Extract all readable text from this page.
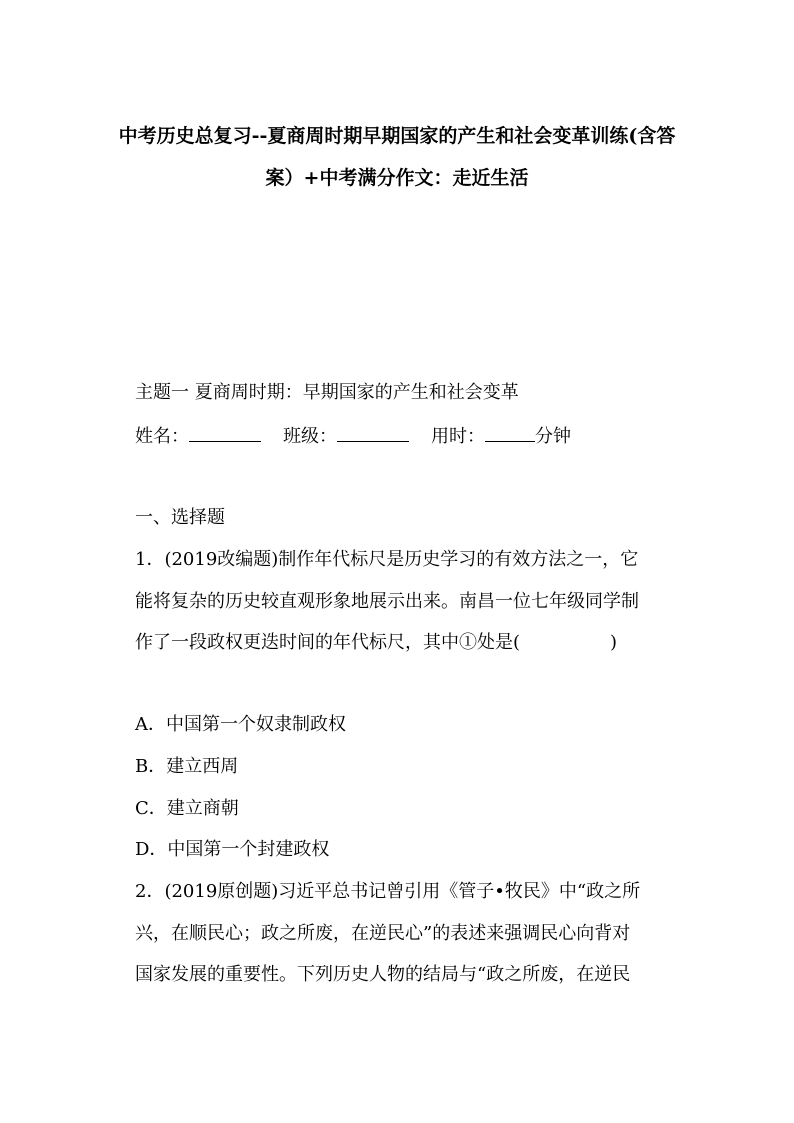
中考历史总复习--夏商周时期早期国家的产生和社会变革训练(含答
案）+中考满分作文：走近生活
主题一 夏商周时期：早期国家的产生和社会变革
姓名：	班级：	用时：	分钟
一、选择题
1．(2019改编题)制作年代标尺是历史学习的有效方法之一，它
能将复杂的历史较直观形象地展示出来。南昌一位七年级同学制
作了一段政权更迭时间的年代标尺，其中①处是(　　　　　)
A．中国第一个奴隶制政权
B．建立西周
C．建立商朝
D．中国第一个封建政权
2．(2019原创题)习近平总书记曾引用《管子•牧民》中“政之所
兴，在顺民心；政之所废，在逆民心”的表述来强调民心向背对
国家发展的重要性。下列历史人物的结局与“政之所废，在逆民
